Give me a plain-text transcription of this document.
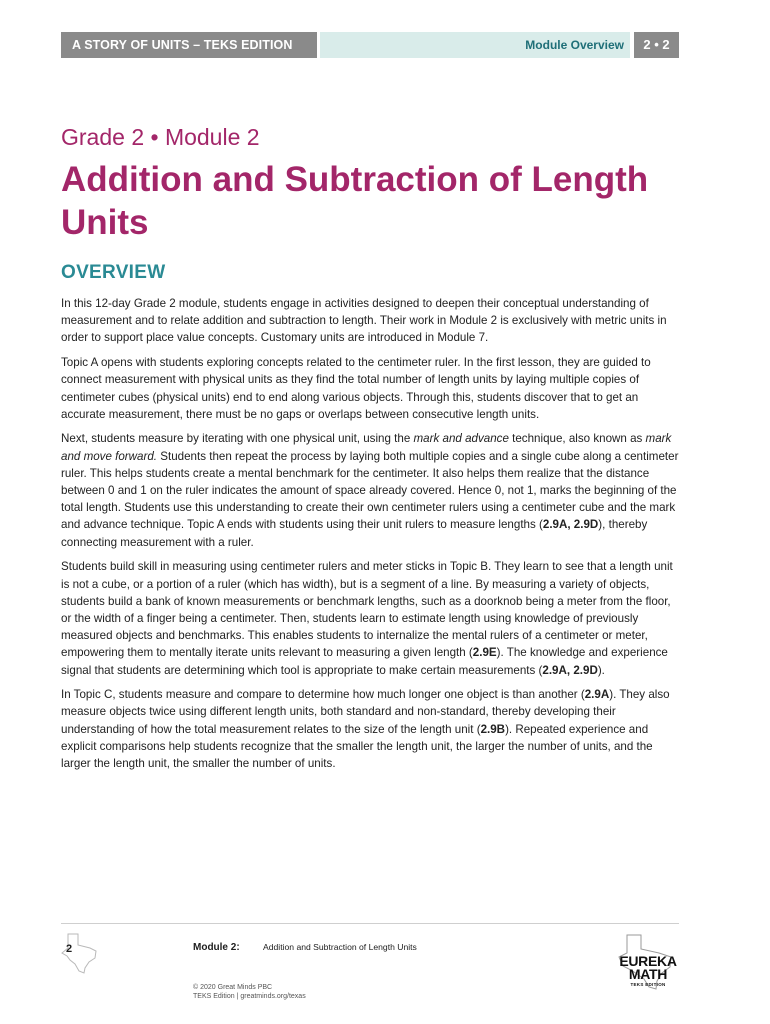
A STORY OF UNITS – TEKS EDITION	Module Overview	2 • 2
Grade 2 • Module 2
Addition and Subtraction of Length Units
OVERVIEW

In this 12-day Grade 2 module, students engage in activities designed to deepen their conceptual understanding of measurement and to relate addition and subtraction to length. Their work in Module 2 is exclusively with metric units in order to support place value concepts. Customary units are introduced in Module 7.

Topic A opens with students exploring concepts related to the centimeter ruler. In the first lesson, they are guided to connect measurement with physical units as they find the total number of length units by laying multiple copies of centimeter cubes (physical units) end to end along various objects. Through this, students discover that to get an accurate measurement, there must be no gaps or overlaps between consecutive length units.

Next, students measure by iterating with one physical unit, using the mark and advance technique, also known as mark and move forward. Students then repeat the process by laying both multiple copies and a single cube along a centimeter ruler. This helps students create a mental benchmark for the centimeter. It also helps them realize that the distance between 0 and 1 on the ruler indicates the amount of space already covered. Hence 0, not 1, marks the beginning of the total length. Students use this understanding to create their own centimeter rulers using a centimeter cube and the mark and advance technique. Topic A ends with students using their unit rulers to measure lengths (2.9A, 2.9D), thereby connecting measurement with a ruler.

Students build skill in measuring using centimeter rulers and meter sticks in Topic B. They learn to see that a length unit is not a cube, or a portion of a ruler (which has width), but is a segment of a line. By measuring a variety of objects, students build a bank of known measurements or benchmark lengths, such as a doorknob being a meter from the floor, or the width of a finger being a centimeter. Then, students learn to estimate length using knowledge of previously measured objects and benchmarks. This enables students to internalize the mental rulers of a centimeter or meter, empowering them to mentally iterate units relevant to measuring a given length (2.9E). The knowledge and experience signal that students are determining which tool is appropriate to make certain measurements (2.9A, 2.9D).

In Topic C, students measure and compare to determine how much longer one object is than another (2.9A). They also measure objects twice using different length units, both standard and non-standard, thereby developing their understanding of how the total measurement relates to the size of the length unit (2.9B). Repeated experience and explicit comparisons help students recognize that the smaller the length unit, the larger the number of units, and the larger the length unit, the smaller the number of units.

2	Module 2:	Addition and Subtraction of Length Units
© 2020 Great Minds PBC
TEKS Edition | greatminds.org/texas
EUREKA
MATH
TEKS EDITION
